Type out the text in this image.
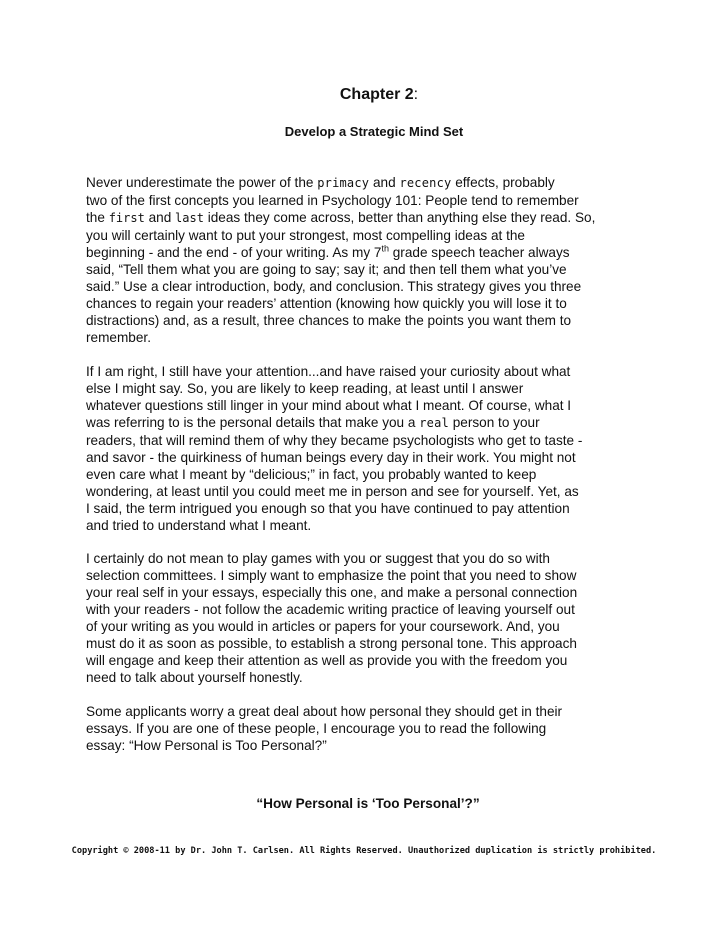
Chapter 2:
Develop a Strategic Mind Set
Never underestimate the power of the primacy and recency effects, probably
two of the first concepts you learned in Psychology 101: People tend to remember
the first and last ideas they come across, better than anything else they read. So,
you will certainly want to put your strongest, most compelling ideas at the
beginning - and the end - of your writing. As my 7th grade speech teacher always
said, “Tell them what you are going to say; say it; and then tell them what you’ve
said.” Use a clear introduction, body, and conclusion. This strategy gives you three
chances to regain your readers’ attention (knowing how quickly you will lose it to
distractions) and, as a result, three chances to make the points you want them to
remember.
If I am right, I still have your attention...and have raised your curiosity about what
else I might say. So, you are likely to keep reading, at least until I answer
whatever questions still linger in your mind about what I meant. Of course, what I
was referring to is the personal details that make you a real person to your
readers, that will remind them of why they became psychologists who get to taste -
and savor - the quirkiness of human beings every day in their work. You might not
even care what I meant by “delicious;” in fact, you probably wanted to keep
wondering, at least until you could meet me in person and see for yourself. Yet, as
I said, the term intrigued you enough so that you have continued to pay attention
and tried to understand what I meant.
I certainly do not mean to play games with you or suggest that you do so with
selection committees. I simply want to emphasize the point that you need to show
your real self in your essays, especially this one, and make a personal connection
with your readers - not follow the academic writing practice of leaving yourself out
of your writing as you would in articles or papers for your coursework. And, you
must do it as soon as possible, to establish a strong personal tone. This approach
will engage and keep their attention as well as provide you with the freedom you
need to talk about yourself honestly.
Some applicants worry a great deal about how personal they should get in their
essays. If you are one of these people, I encourage you to read the following
essay: “How Personal is Too Personal?”
“How Personal is ‘Too Personal’?”
Copyright © 2008-11 by Dr. John T. Carlsen. All Rights Reserved. Unauthorized duplication is strictly prohibited.
